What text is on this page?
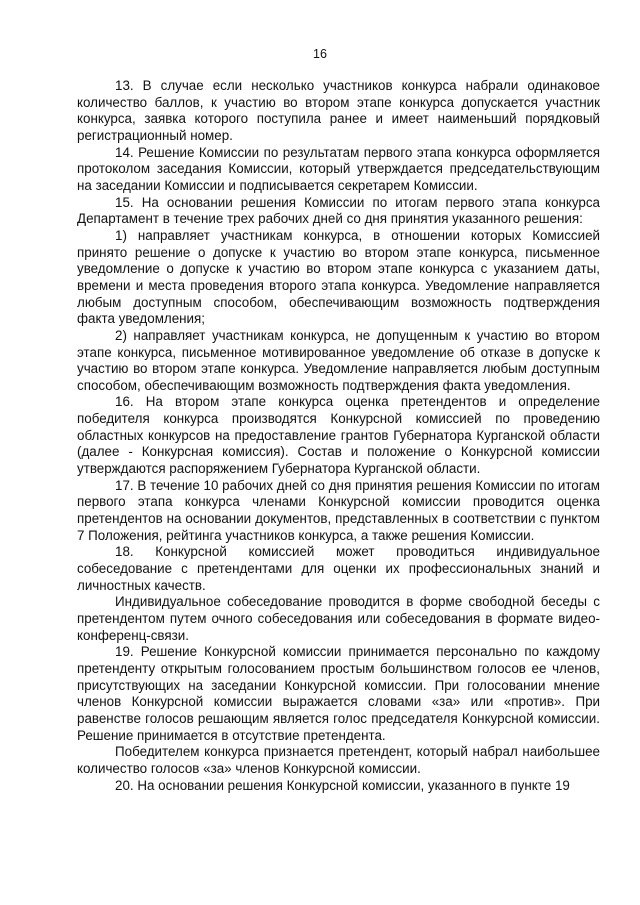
16

13. В случае если несколько участников конкурса набрали одинаковое количество баллов, к участию во втором этапе конкурса допускается участник конкурса, заявка которого поступила ранее и имеет наименьший порядковый регистрационный номер.

14. Решение Комиссии по результатам первого этапа конкурса оформляется протоколом заседания Комиссии, который утверждается председательствующим на заседании Комиссии и подписывается секретарем Комиссии.

15. На основании решения Комиссии по итогам первого этапа конкурса Департамент в течение трех рабочих дней со дня принятия указанного решения:

1) направляет участникам конкурса, в отношении которых Комиссией принято решение о допуске к участию во втором этапе конкурса, письменное уведомление о допуске к участию во втором этапе конкурса с указанием даты, времени и места проведения второго этапа конкурса. Уведомление направляется любым доступным способом, обеспечивающим возможность подтверждения факта уведомления;

2) направляет участникам конкурса, не допущенным к участию во втором этапе конкурса, письменное мотивированное уведомление об отказе в допуске к участию во втором этапе конкурса. Уведомление направляется любым доступным способом, обеспечивающим возможность подтверждения факта уведомления.

16. На втором этапе конкурса оценка претендентов и определение победителя конкурса производятся Конкурсной комиссией по проведению областных конкурсов на предоставление грантов Губернатора Курганской области (далее - Конкурсная комиссия). Состав и положение о Конкурсной комиссии утверждаются распоряжением Губернатора Курганской области.

17. В течение 10 рабочих дней со дня принятия решения Комиссии по итогам первого этапа конкурса членами Конкурсной комиссии проводится оценка претендентов на основании документов, представленных в соответствии с пунктом 7 Положения, рейтинга участников конкурса, а также решения Комиссии.

18. Конкурсной комиссией может проводиться индивидуальное собеседование с претендентами для оценки их профессиональных знаний и личностных качеств.

Индивидуальное собеседование проводится в форме свободной беседы с претендентом путем очного собеседования или собеседования в формате видео-конференц-связи.

19. Решение Конкурсной комиссии принимается персонально по каждому претенденту открытым голосованием простым большинством голосов ее членов, присутствующих на заседании Конкурсной комиссии. При голосовании мнение членов Конкурсной комиссии выражается словами «за» или «против». При равенстве голосов решающим является голос председателя Конкурсной комиссии. Решение принимается в отсутствие претендента.

Победителем конкурса признается претендент, который набрал наибольшее количество голосов «за» членов Конкурсной комиссии.

20. На основании решения Конкурсной комиссии, указанного в пункте 19
